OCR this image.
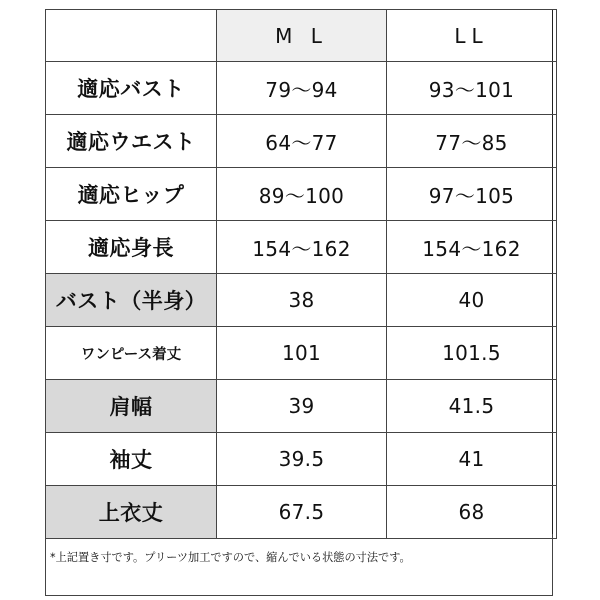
	M L	LL
適応バスト	79～94	93～101
適応ウエスト	64～77	77～85
適応ヒップ	89～100	97～105
適応身長	154～162	154～162
バスト（半身）	38	40
ワンピース着丈	101	101.5
肩幅	39	41.5
袖丈	39.5	41
上衣丈	67.5	68
*上記置き寸です。プリーツ加工ですので、縮んでいる状態の寸法です。
